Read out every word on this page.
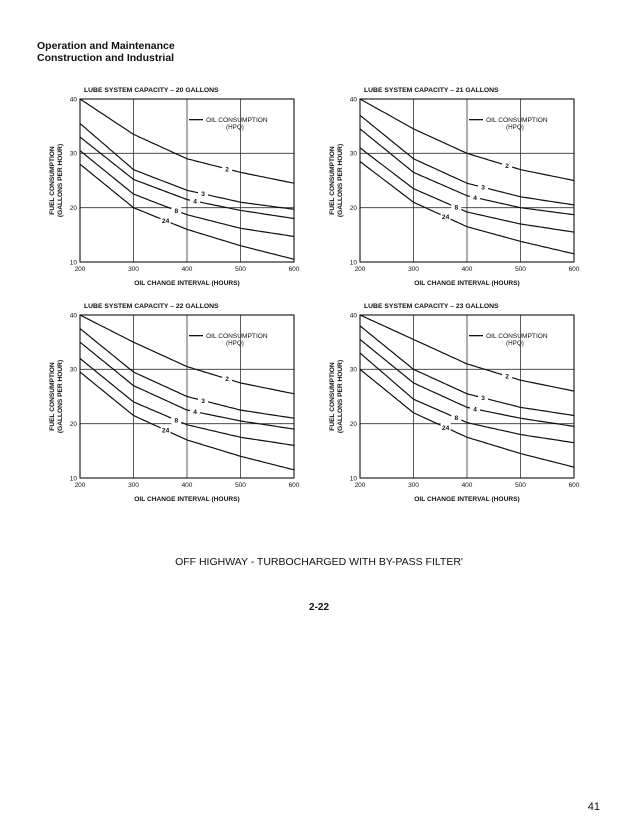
Operation and Maintenance
Construction and Industrial
LUBE SYSTEM CAPACITY – 20 GALLONS
200	300	400	500	600
10
20
30
40
OIL CHANGE INTERVAL (HOURS)
FUEL CONSUMPTION (GALLONS PER HOUR)
OIL CONSUMPTION
(HPQ)
2
3
4
8
24
LUBE SYSTEM CAPACITY – 21 GALLONS
200	300	400	500	600
10
20
30
40
OIL CHANGE INTERVAL (HOURS)
FUEL CONSUMPTION (GALLONS PER HOUR)
OIL CONSUMPTION
(HPQ)
2
3
4
8
24
LUBE SYSTEM CAPACITY – 22 GALLONS
200	300	400	500	600
10
20
30
40
OIL CHANGE INTERVAL (HOURS)
FUEL CONSUMPTION (GALLONS PER HOUR)
OIL CONSUMPTION
(HPQ)
2
3
4
8
24
LUBE SYSTEM CAPACITY – 23 GALLONS
200	300	400	500	600
10
20
30
40
OIL CHANGE INTERVAL (HOURS)
FUEL CONSUMPTION (GALLONS PER HOUR)
OIL CONSUMPTION
(HPQ)
2
3
4
8
24
OFF HIGHWAY - TURBOCHARGED WITH BY-PASS FILTER'
2-22
41
